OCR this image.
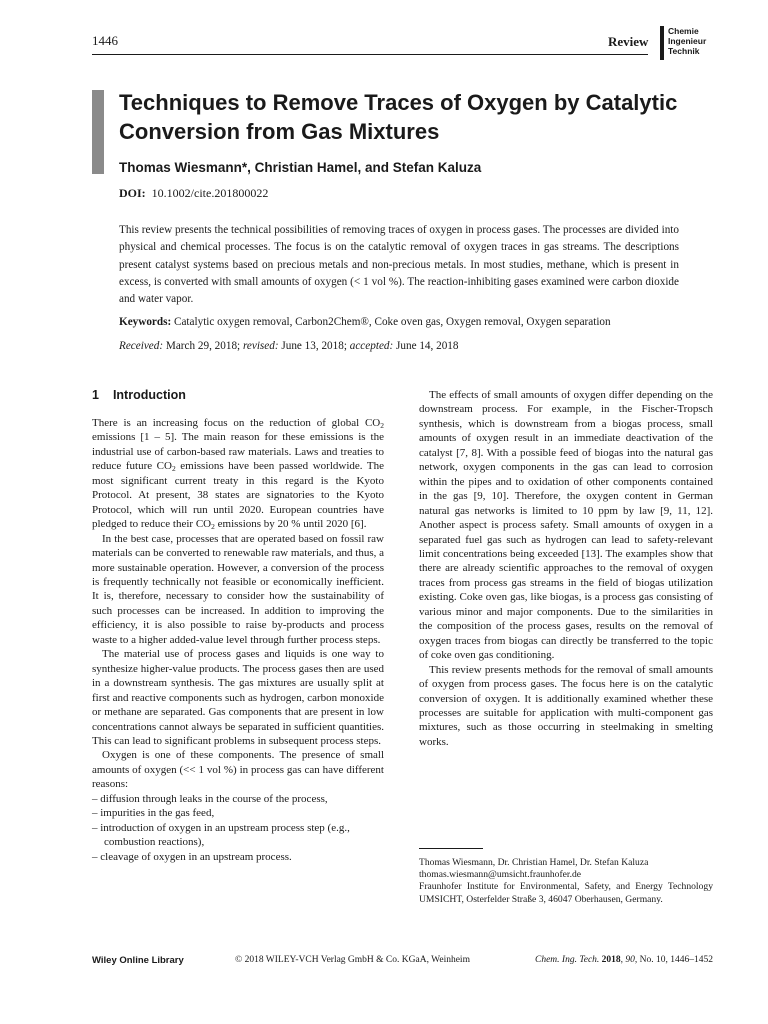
1446	Review
Chemie
Ingenieur
Technik
Techniques to Remove Traces of Oxygen by Catalytic Conversion from Gas Mixtures
Thomas Wiesmann*, Christian Hamel, and Stefan Kaluza
DOI: 10.1002/cite.201800022
This review presents the technical possibilities of removing traces of oxygen in process gases. The processes are divided into physical and chemical processes. The focus is on the catalytic removal of oxygen traces in gas streams. The descriptions present catalyst systems based on precious metals and non-precious metals. In most studies, methane, which is present in excess, is converted with small amounts of oxygen (< 1 vol %). The reaction-inhibiting gases examined were carbon dioxide and water vapor.
Keywords: Catalytic oxygen removal, Carbon2Chem®, Coke oven gas, Oxygen removal, Oxygen separation
Received: March 29, 2018; revised: June 13, 2018; accepted: June 14, 2018
1 Introduction

There is an increasing focus on the reduction of global $CO_2$ emissions [1 – 5]. The main reason for these emissions is the industrial use of carbon-based raw materials. Laws and treaties to reduce future $CO_2$ emissions have been passed worldwide. The most significant current treaty in this regard is the Kyoto Protocol. At present, 38 states are signatories to the Kyoto Protocol, which will run until 2020. European countries have pledged to reduce their $CO_2$ emissions by 20 % until 2020 [6].

In the best case, processes that are operated based on fossil raw materials can be converted to renewable raw materials, and thus, a more sustainable operation. However, a conversion of the process is frequently technically not feasible or economically inefficient. It is, therefore, necessary to consider how the sustainability of such processes can be increased. In addition to improving the efficiency, it is also possible to raise by-products and process waste to a higher added-value level through further process steps.

The material use of process gases and liquids is one way to synthesize higher-value products. The process gases then are used in a downstream synthesis. The gas mixtures are usually split at first and reactive components such as hydrogen, carbon monoxide or methane are separated. Gas components that are present in low concentrations cannot always be separated in sufficient quantities. This can lead to significant problems in subsequent process steps.

Oxygen is one of these components. The presence of small amounts of oxygen (<< 1 vol %) in process gas can have different reasons:

– diffusion through leaks in the course of the process,
– impurities in the gas feed,
– introduction of oxygen in an upstream process step (e.g., combustion reactions),
– cleavage of oxygen in an upstream process.

The effects of small amounts of oxygen differ depending on the downstream process. For example, in the Fischer-Tropsch synthesis, which is downstream from a biogas process, small amounts of oxygen result in an immediate deactivation of the catalyst [7, 8]. With a possible feed of biogas into the natural gas network, oxygen components in the gas can lead to corrosion within the pipes and to oxidation of other components contained in the gas [9, 10]. Therefore, the oxygen content in German natural gas networks is limited to 10 ppm by law [9, 11, 12]. Another aspect is process safety. Small amounts of oxygen in a separated fuel gas such as hydrogen can lead to safety-relevant limit concentrations being exceeded [13]. The examples show that there are already scientific approaches to the removal of oxygen traces from process gas streams in the field of biogas utilization existing. Coke oven gas, like biogas, is a process gas consisting of various minor and major components. Due to the similarities in the composition of the process gases, results on the removal of oxygen traces from biogas can directly be transferred to the topic of coke oven gas conditioning.

This review presents methods for the removal of small amounts of oxygen from process gases. The focus here is on the catalytic conversion of oxygen. It is additionally examined whether these processes are suitable for application with multi-component gas mixtures, such as those occurring in steelmaking in smelting works.

Thomas Wiesmann, Dr. Christian Hamel, Dr. Stefan Kaluza
thomas.wiesmann@umsicht.fraunhofer.de
Fraunhofer Institute for Environmental, Safety, and Energy Technology UMSICHT, Osterfelder Straße 3, 46047 Oberhausen, Germany.
Wiley Online Library	© 2018 WILEY-VCH Verlag GmbH & Co. KGaA, Weinheim	Chem. Ing. Tech. 2018, 90, No. 10, 1446–1452
